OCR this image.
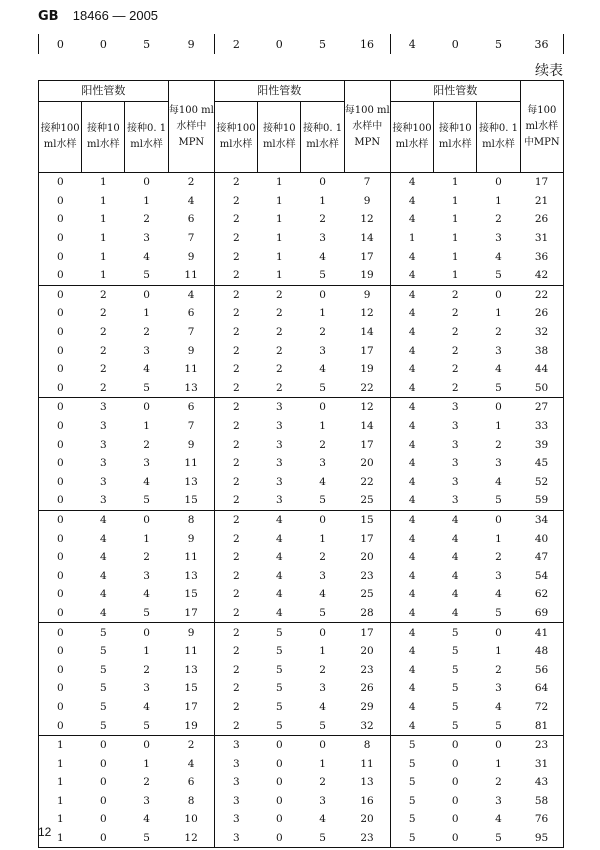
GB 18466 — 2005
0	0	5	9	2	0	5	16	4	0	5	36
续表
阳性管数			每100 ml水样中MPN	阳性管数			每100 ml水样中MPN	阳性管数			每100 ml水样中MPN
接种100 ml水样	接种10 ml水样	接种0. 1 ml水样		接种100 ml水样	接种10 ml水样	接种0. 1 ml水样		接种100 ml水样	接种10 ml水样	接种0. 1 ml水样	
0	1	0	2	2	1	0	7	4	1	0	17
0	1	1	4	2	1	1	9	4	1	1	21
0	1	2	6	2	1	2	12	4	1	2	26
0	1	3	7	2	1	3	14	1	1	3	31
0	1	4	9	2	1	4	17	4	1	4	36
0	1	5	11	2	1	5	19	4	1	5	42
0	2	0	4	2	2	0	9	4	2	0	22
0	2	1	6	2	2	1	12	4	2	1	26
0	2	2	7	2	2	2	14	4	2	2	32
0	2	3	9	2	2	3	17	4	2	3	38
0	2	4	11	2	2	4	19	4	2	4	44
0	2	5	13	2	2	5	22	4	2	5	50
0	3	0	6	2	3	0	12	4	3	0	27
0	3	1	7	2	3	1	14	4	3	1	33
0	3	2	9	2	3	2	17	4	3	2	39
0	3	3	11	2	3	3	20	4	3	3	45
0	3	4	13	2	3	4	22	4	3	4	52
0	3	5	15	2	3	5	25	4	3	5	59
0	4	0	8	2	4	0	15	4	4	0	34
0	4	1	9	2	4	1	17	4	4	1	40
0	4	2	11	2	4	2	20	4	4	2	47
0	4	3	13	2	4	3	23	4	4	3	54
0	4	4	15	2	4	4	25	4	4	4	62
0	4	5	17	2	4	5	28	4	4	5	69
0	5	0	9	2	5	0	17	4	5	0	41
0	5	1	11	2	5	1	20	4	5	1	48
0	5	2	13	2	5	2	23	4	5	2	56
0	5	3	15	2	5	3	26	4	5	3	64
0	5	4	17	2	5	4	29	4	5	4	72
0	5	5	19	2	5	5	32	4	5	5	81
1	0	0	2	3	0	0	8	5	0	0	23
1	0	1	4	3	0	1	11	5	0	1	31
1	0	2	6	3	0	2	13	5	0	2	43
1	0	3	8	3	0	3	16	5	0	3	58
1	0	4	10	3	0	4	20	5	0	4	76
1	0	5	12	3	0	5	23	5	0	5	95
12
